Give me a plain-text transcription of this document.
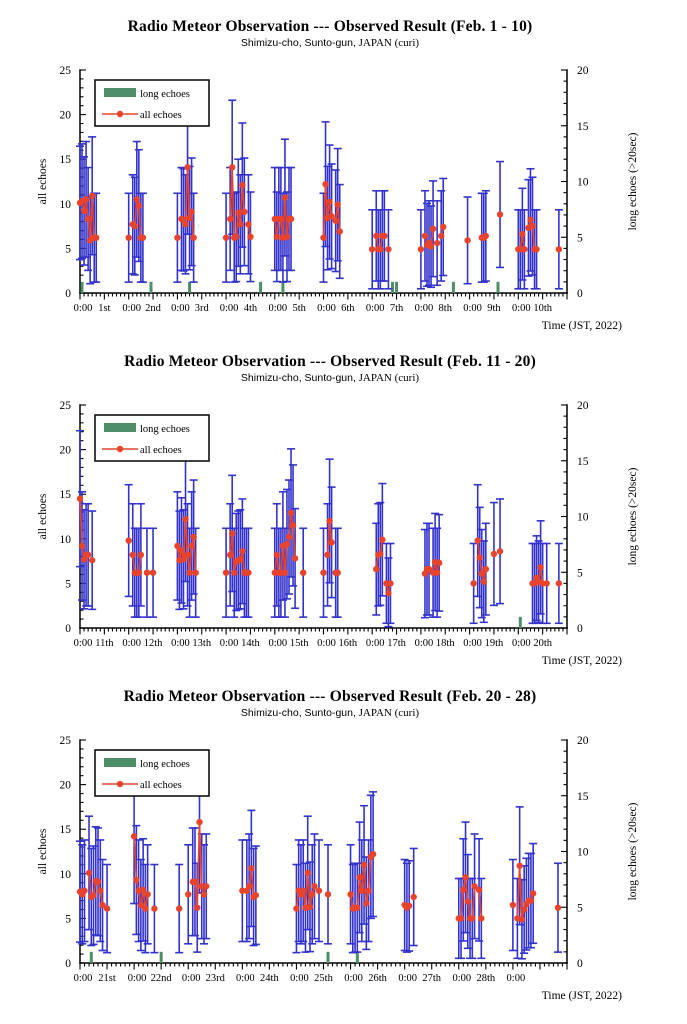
Radio Meteor Observation --- Observed Result (Feb. 1 - 10)
Shimizu-cho, Sunto-gun, JAPAN (curi)
0
5
10
15
20
25
0
5
10
15
20
0:00	0:00	0:00	0:00	0:00	0:00	0:00	0:00	0:00	0:00
1st	2nd	3rd	4th	5th	6th	7th	8th	9th	10th
Time (JST, 2022)
all echoes	long echoes (>20sec)
long echoes
all echoes
Radio Meteor Observation --- Observed Result (Feb. 11 - 20)
Shimizu-cho, Sunto-gun, JAPAN (curi)
0
5
10
15
20
25
0
5
10
15
20
0:00	0:00	0:00	0:00	0:00	0:00	0:00	0:00	0:00	0:00
11th	12th	13th	14th	15th	16th	17th	18th	19th	20th
Time (JST, 2022)
all echoes	long echoes (>20sec)
long echoes
all echoes
Radio Meteor Observation --- Observed Result (Feb. 20 - 28)
Shimizu-cho, Sunto-gun, JAPAN (curi)
0
5
10
15
20
25
0
5
10
15
20
0:00	0:00	0:00	0:00	0:00	0:00	0:00	0:00	0:00
21st	22nd	23rd	24th	25th	26th	27th	28th
Time (JST, 2022)
all echoes	long echoes (>20sec)
long echoes
all echoes
